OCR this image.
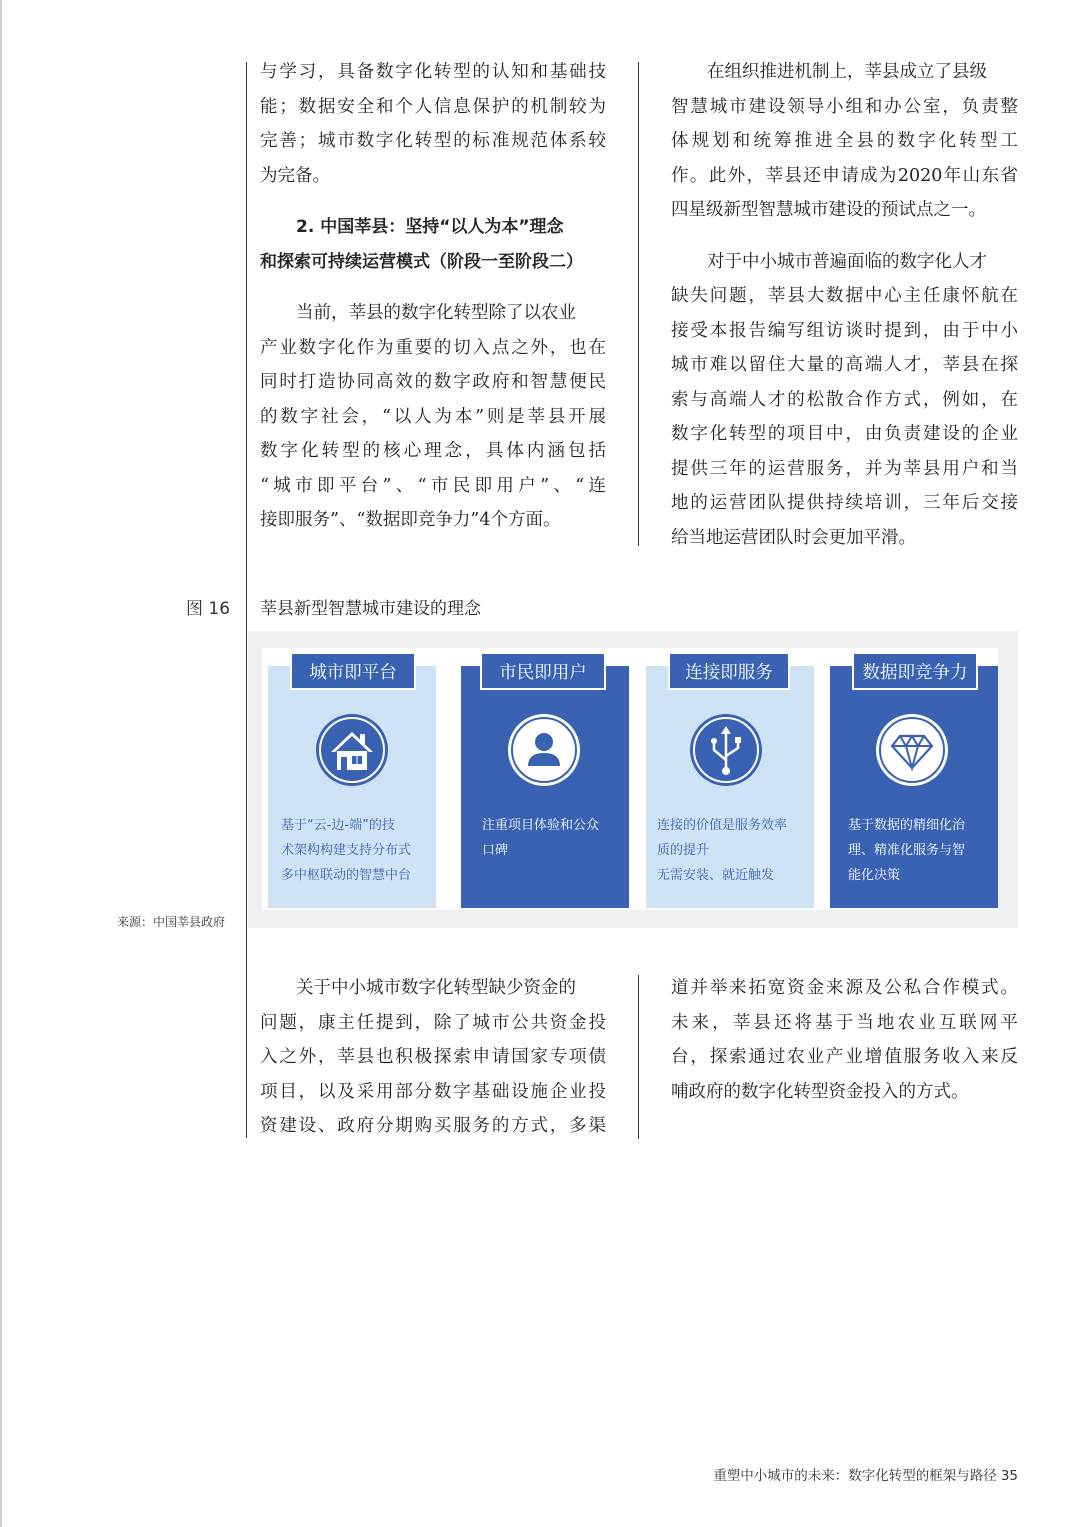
与学习，具备数字化转型的认知和基础技
能；数据安全和个人信息保护的机制较为
完善；城市数字化转型的标准规范体系较
为完备。

2. 中国莘县：坚持“以人为本”理念
和探索可持续运营模式（阶段一至阶段二）

当前，莘县的数字化转型除了以农业
产业数字化作为重要的切入点之外，也在
同时打造协同高效的数字政府和智慧便民
的数字社会，“以人为本”则是莘县开展
数字化转型的核心理念，具体内涵包括
“城市即平台”、“市民即用户”、“连
接即服务”、“数据即竞争力”4个方面。

在组织推进机制上，莘县成立了县级
智慧城市建设领导小组和办公室，负责整
体规划和统筹推进全县的数字化转型工
作。此外，莘县还申请成为2020年山东省
四星级新型智慧城市建设的预试点之一。

对于中小城市普遍面临的数字化人才
缺失问题，莘县大数据中心主任康怀航在
接受本报告编写组访谈时提到，由于中小
城市难以留住大量的高端人才，莘县在探
索与高端人才的松散合作方式，例如，在
数字化转型的项目中，由负责建设的企业
提供三年的运营服务，并为莘县用户和当
地的运营团队提供持续培训，三年后交接
给当地运营团队时会更加平滑。

图 16 莘县新型智慧城市建设的理念
城市即平台
基于“云-边-端”的技
术架构构建支持分布式
多中枢联动的智慧中台
市民即用户
注重项目体验和公众
口碑
连接即服务
连接的价值是服务效率
质的提升
无需安装、就近触发
数据即竞争力
基于数据的精细化治
理、精准化服务与智
能化决策
来源：中国莘县政府

关于中小城市数字化转型缺少资金的
问题，康主任提到，除了城市公共资金投
入之外，莘县也积极探索申请国家专项债
项目，以及采用部分数字基础设施企业投
资建设、政府分期购买服务的方式，多渠

道并举来拓宽资金来源及公私合作模式。
未来，莘县还将基于当地农业互联网平
台，探索通过农业产业增值服务收入来反
哺政府的数字化转型资金投入的方式。

重塑中小城市的未来：数字化转型的框架与路径 35
